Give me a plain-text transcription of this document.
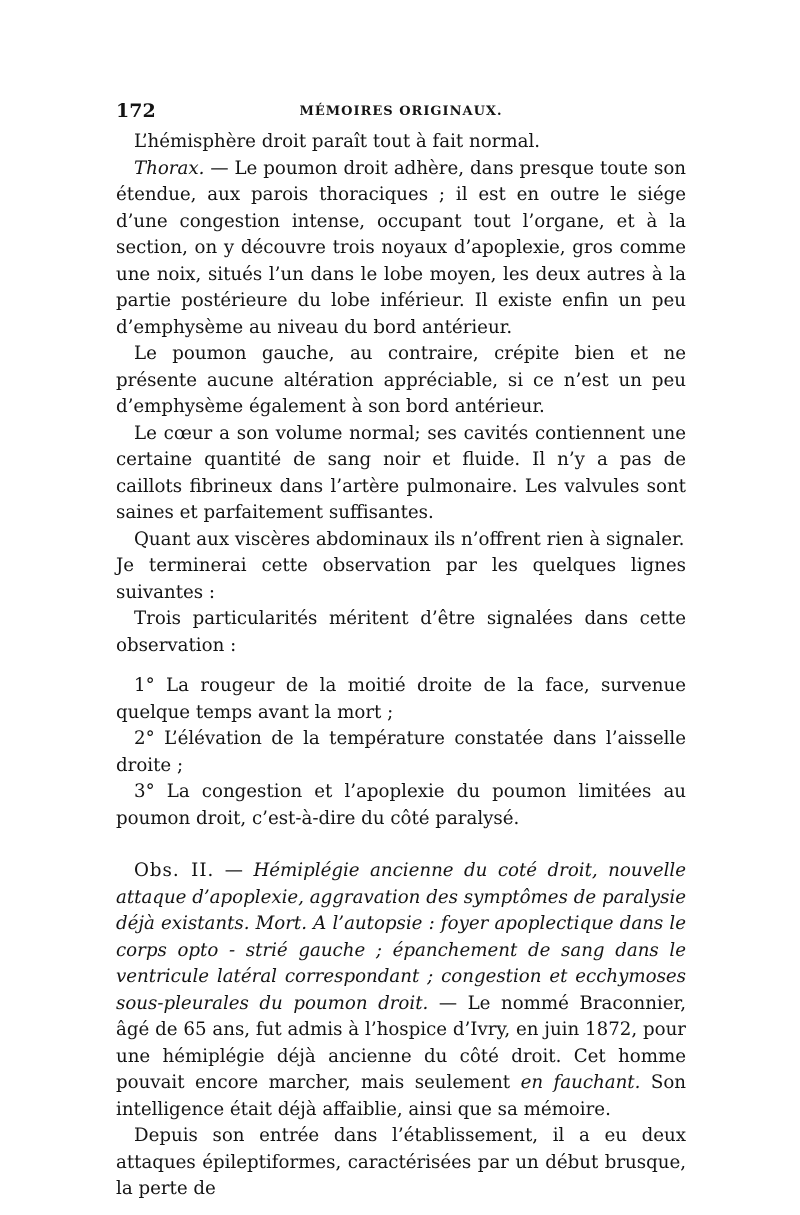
172	MÉMOIRES ORIGINAUX.

L’hémisphère droit paraît tout à fait normal.

Thorax. — Le poumon droit adhère, dans presque toute son étendue, aux parois thoraciques ; il est en outre le siége d’une congestion intense, occupant tout l’organe, et à la section, on y découvre trois noyaux d’apoplexie, gros comme une noix, situés l’un dans le lobe moyen, les deux autres à la partie postérieure du lobe inférieur. Il existe enfin un peu d’emphysème au niveau du bord antérieur.

Le poumon gauche, au contraire, crépite bien et ne présente aucune altération appréciable, si ce n’est un peu d’emphysème également à son bord antérieur.

Le cœur a son volume normal; ses cavités contiennent une certaine quantité de sang noir et fluide. Il n’y a pas de caillots fibrineux dans l’artère pulmonaire. Les valvules sont saines et parfaitement suffisantes.

Quant aux viscères abdominaux ils n’offrent rien à signaler.

Je terminerai cette observation par les quelques lignes suivantes :

Trois particularités méritent d’être signalées dans cette observation :

1° La rougeur de la moitié droite de la face, survenue quelque temps avant la mort ;

2° L’élévation de la température constatée dans l’aisselle droite ;

3° La congestion et l’apoplexie du poumon limitées au poumon droit, c’est-à-dire du côté paralysé.

Obs. II. — Hémiplégie ancienne du coté droit, nouvelle attaque d’apoplexie, aggravation des symptômes de paralysie déjà existants. Mort. A l’autopsie : foyer apoplectique dans le corps opto - strié gauche ; épanchement de sang dans le ventricule latéral correspondant ; congestion et ecchymoses sous-pleurales du poumon droit. — Le nommé Braconnier, âgé de 65 ans, fut admis à l’hospice d’Ivry, en juin 1872, pour une hémiplégie déjà ancienne du côté droit. Cet homme pouvait encore marcher, mais seulement en fauchant. Son intelligence était déjà affaiblie, ainsi que sa mémoire.

Depuis son entrée dans l’établissement, il a eu deux attaques épileptiformes, caractérisées par un début brusque, la perte de
